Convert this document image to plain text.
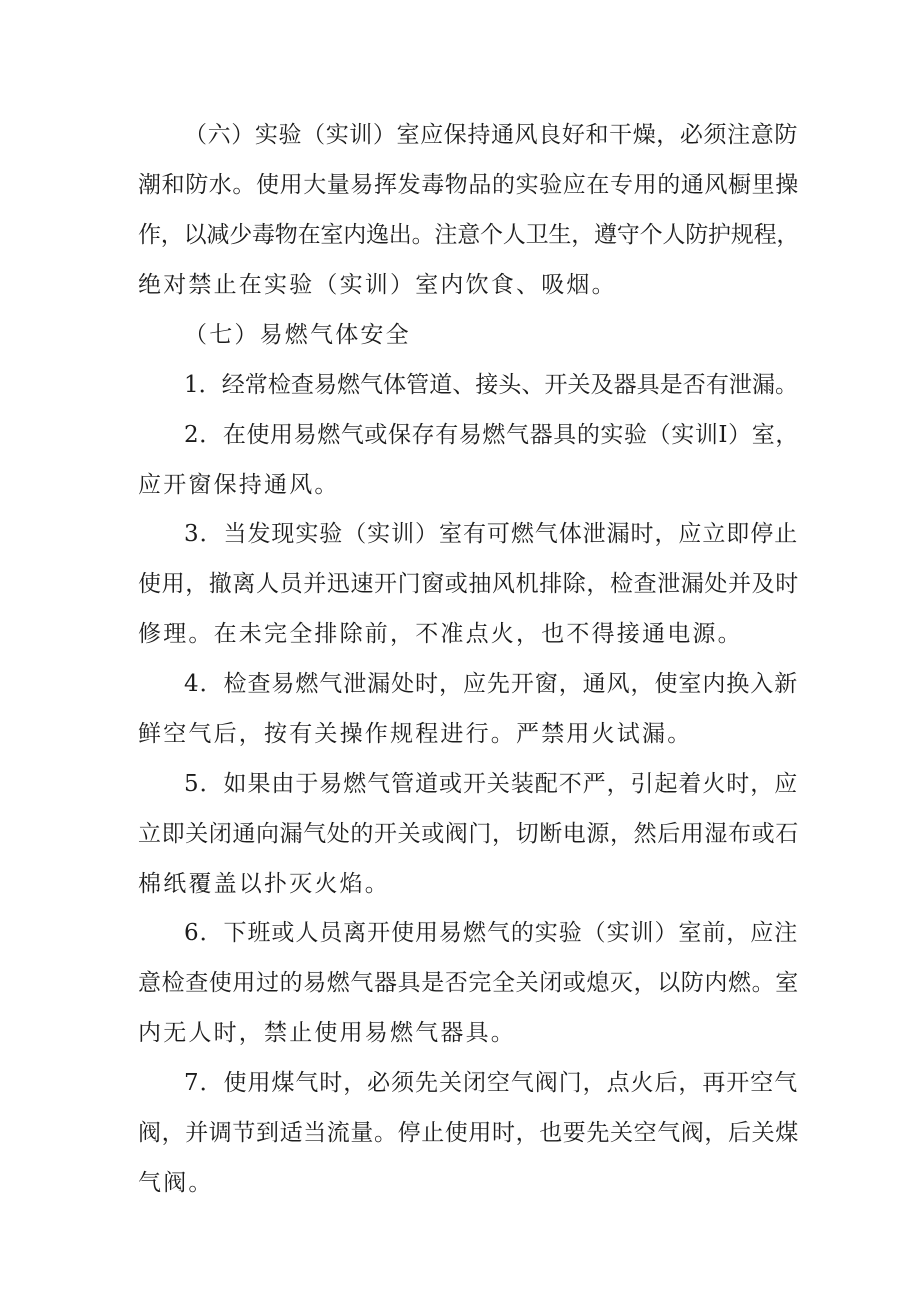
（六）实验（实训）室应保持通风良好和干燥，必须注意防
潮和防水。使用大量易挥发毒物品的实验应在专用的通风橱里操
作，以减少毒物在室内逸出。注意个人卫生，遵守个人防护规程，
绝对禁止在实验（实训）室内饮食、吸烟。
（七）易燃气体安全
1．经常检查易燃气体管道、接头、开关及器具是否有泄漏。
2．在使用易燃气或保存有易燃气器具的实验（实训I）室，
应开窗保持通风。
3．当发现实验（实训）室有可燃气体泄漏时，应立即停止
使用，撤离人员并迅速开门窗或抽风机排除，检查泄漏处并及时
修理。在未完全排除前，不准点火，也不得接通电源。
4．检查易燃气泄漏处时，应先开窗，通风，使室内换入新
鲜空气后，按有关操作规程进行。严禁用火试漏。
5．如果由于易燃气管道或开关装配不严，引起着火时，应
立即关闭通向漏气处的开关或阀门，切断电源，然后用湿布或石
棉纸覆盖以扑灭火焰。
6．下班或人员离开使用易燃气的实验（实训）室前，应注
意检查使用过的易燃气器具是否完全关闭或熄灭，以防内燃。室
内无人时，禁止使用易燃气器具。
7．使用煤气时，必须先关闭空气阀门，点火后，再开空气
阀，并调节到适当流量。停止使用时，也要先关空气阀，后关煤
气阀。
